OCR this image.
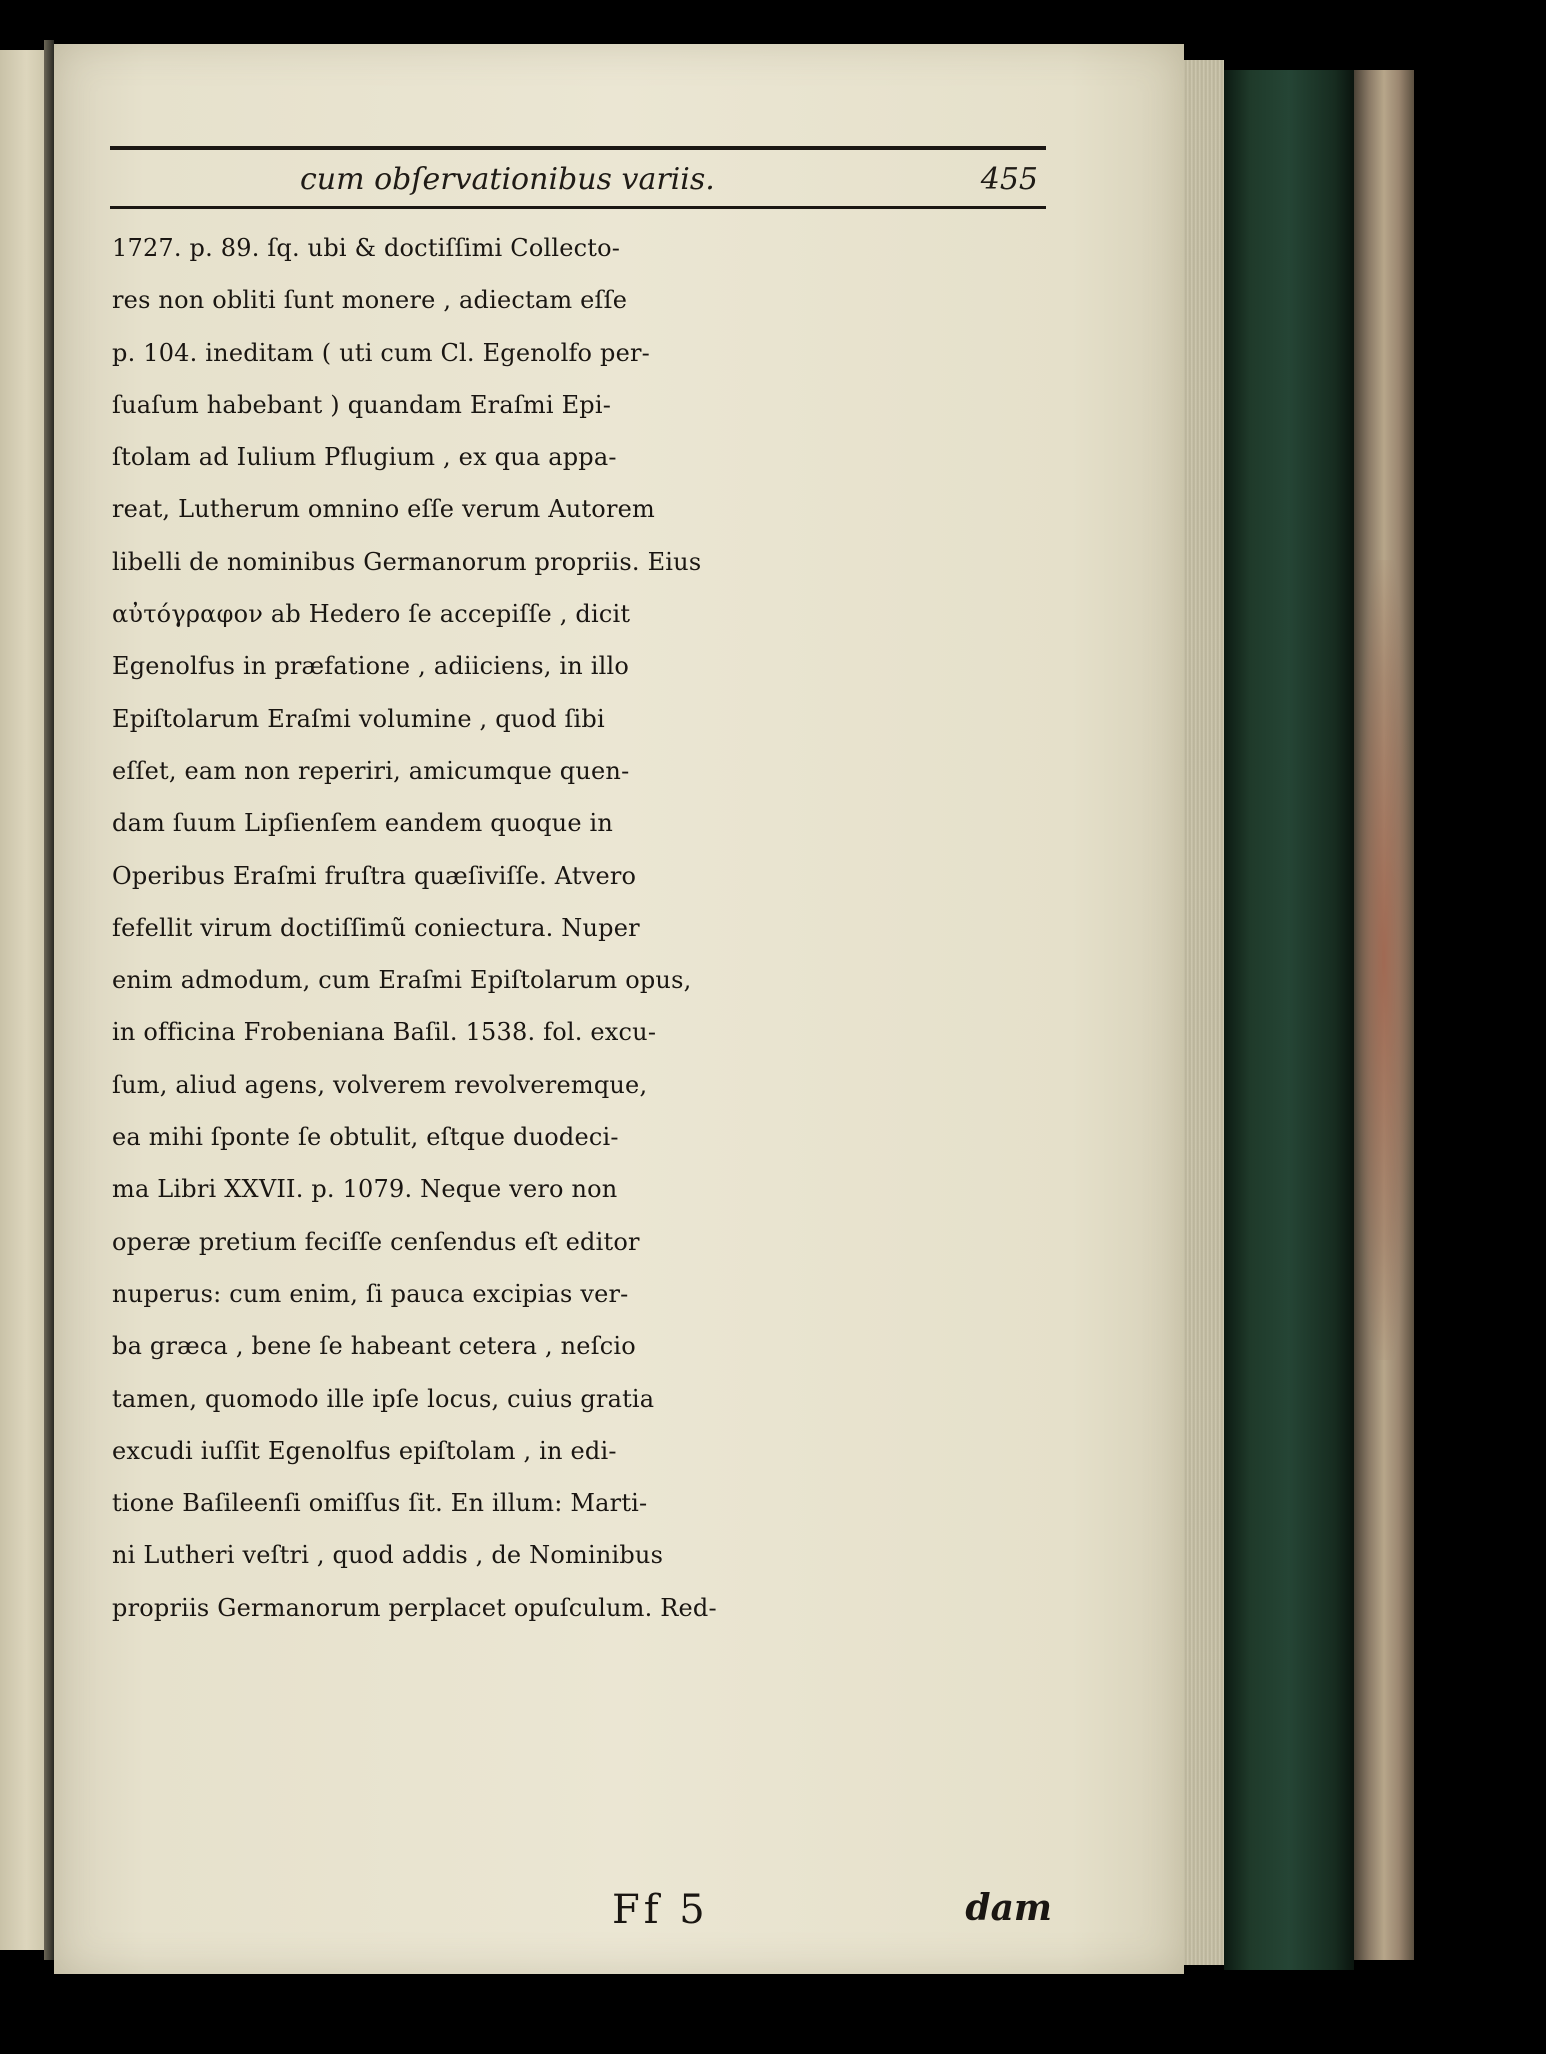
cum obſervationibus variis.	455
1727. p. 89. ſq. ubi & doctiſſimi Collecto-
res non obliti ſunt monere , adiectam eſſe
p. 104. ineditam ( uti cum Cl. Egenolfo per-
ſuaſum habebant ) quandam Eraſmi Epi-
ſtolam ad Iulium Pflugium , ex qua appa-
reat, Lutherum omnino eſſe verum Autorem
libelli de nominibus Germanorum propriis. Eius
αὐτόγραφον ab Hedero ſe accepiſſe , dicit
Egenolfus in præfatione , adiiciens, in illo
Epiſtolarum Eraſmi volumine , quod ſibi
eſſet, eam non reperiri, amicumque quen-
dam ſuum Lipſienſem eandem quoque in
Operibus Eraſmi fruſtra quæſiviſſe. Atvero
fefellit virum doctiſſimũ coniectura. Nuper
enim admodum, cum Eraſmi Epiſtolarum opus,
in officina Frobeniana Baſil. 1538. fol. excu-
ſum, aliud agens, volverem revolveremque,
ea mihi ſponte ſe obtulit, eſtque duodeci-
ma Libri XXVII. p. 1079. Neque vero non
operæ pretium feciſſe cenſendus eſt editor
nuperus: cum enim, ſi pauca excipias ver-
ba græca , bene ſe habeant cetera , neſcio
tamen, quomodo ille ipſe locus, cuius gratia
excudi iuſſit Egenolfus epiſtolam , in edi-
tione Baſileenſi omiſſus ſit. En illum: Marti-
ni Lutheri veſtri , quod addis , de Nominibus
propriis Germanorum perplacet opuſculum. Red-
Ff 5	dam
